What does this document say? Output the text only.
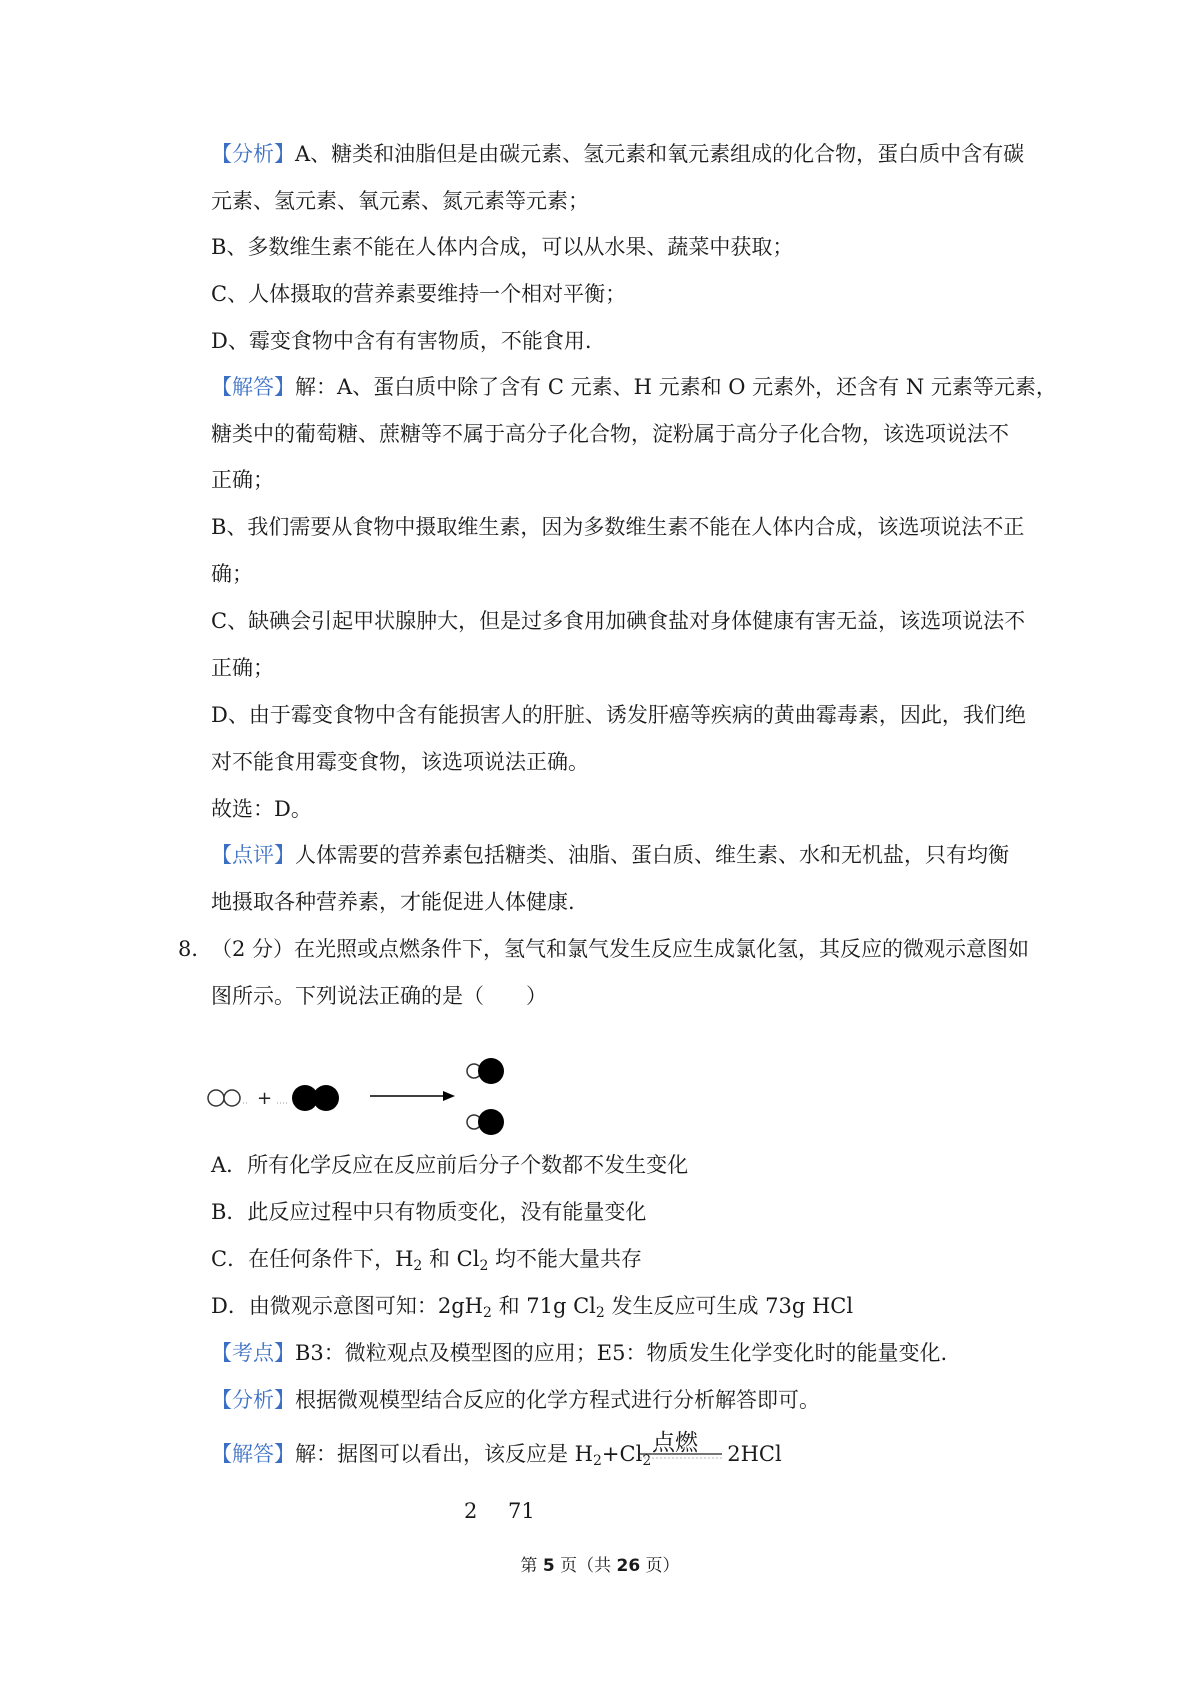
【分析】A、糖类和油脂但是由碳元素、氢元素和氧元素组成的化合物，蛋白质中含有碳
元素、氢元素、氧元素、氮元素等元素；
B、多数维生素不能在人体内合成，可以从水果、蔬菜中获取；
C、人体摄取的营养素要维持一个相对平衡；
D、霉变食物中含有有害物质，不能食用.
【解答】解：A、蛋白质中除了含有 C 元素、H 元素和 O 元素外，还含有 N 元素等元素，
糖类中的葡萄糖、蔗糖等不属于高分子化合物，淀粉属于高分子化合物，该选项说法不
正确；
B、我们需要从食物中摄取维生素，因为多数维生素不能在人体内合成，该选项说法不正
确；
C、缺碘会引起甲状腺肿大，但是过多食用加碘食盐对身体健康有害无益，该选项说法不
正确；
D、由于霉变食物中含有能损害人的肝脏、诱发肝癌等疾病的黄曲霉毒素，因此，我们绝
对不能食用霉变食物，该选项说法正确。
故选：D。
【点评】人体需要的营养素包括糖类、油脂、蛋白质、维生素、水和无机盐，只有均衡
地摄取各种营养素，才能促进人体健康.
8．
（2 分）在光照或点燃条件下，氢气和氯气发生反应生成氯化氢，其反应的微观示意图如
图所示。下列说法正确的是（　　）
+
A．所有化学反应在反应前后分子个数都不发生变化
B．此反应过程中只有物质变化，没有能量变化
C．在任何条件下，$H_2$ 和 $Cl_2$ 均不能大量共存
D．由微观示意图可知：$2gH_2$ 和 71g $Cl_2$ 发生反应可生成 73g HCl
【考点】B3：微粒观点及模型图的应用；E5：物质发生化学变化时的能量变化.
【分析】根据微观模型结合反应的化学方程式进行分析解答即可。
【解答】解：据图可以看出，该反应是 $H_2+Cl_2$	2HCl
点燃
2 71
第 5 页（共 26 页）
